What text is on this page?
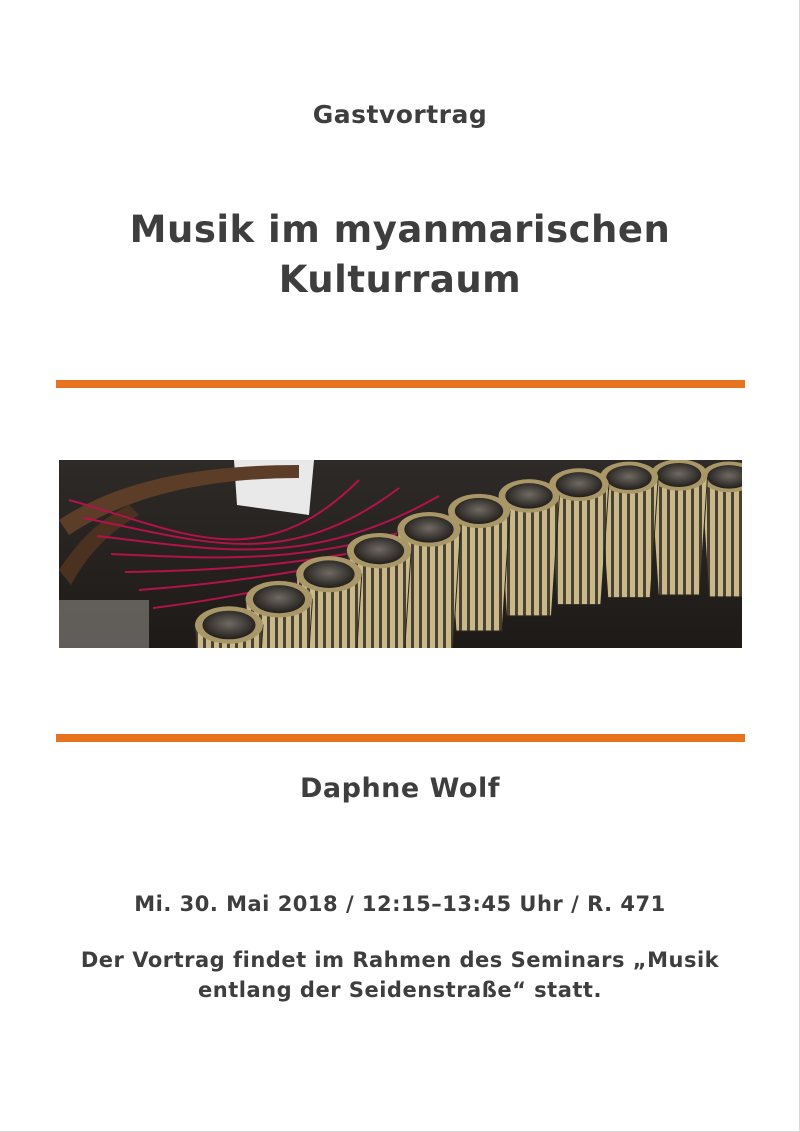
Gastvortrag
Musik im myanmarischen
Kulturraum
Daphne Wolf
Mi. 30. Mai 2018 / 12:15–13:45 Uhr / R. 471
Der Vortrag findet im Rahmen des Seminars „Musik
entlang der Seidenstraße“ statt.
